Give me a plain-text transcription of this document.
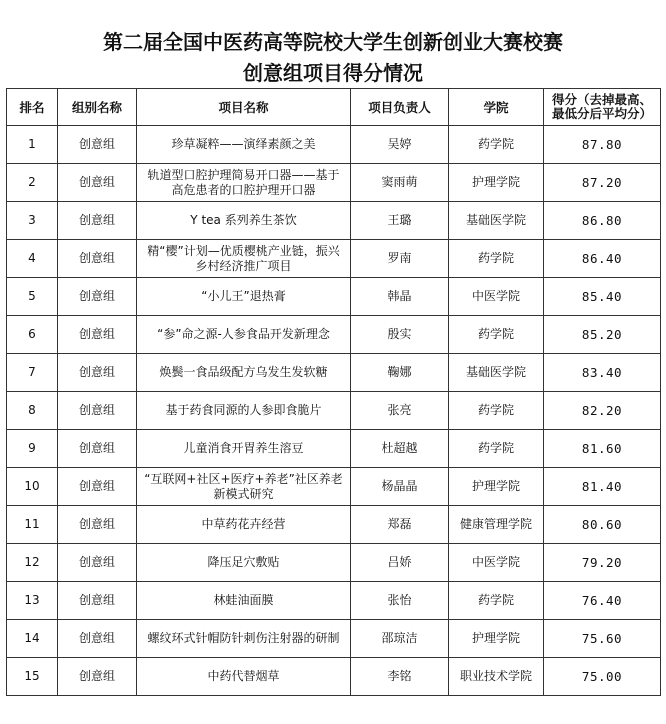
第二届全国中医药高等院校大学生创新创业大赛校赛
创意组项目得分情况
排名	组别名称	项目名称	项目负责人	学院	得分（去掉最高、最低分后平均分）
1	创意组	珍草凝粹——演绎素颜之美	吴婷	药学院	87.80
2	创意组	轨道型口腔护理简易开口器——基于高危患者的口腔护理开口器	窦雨萌	护理学院	87.20
3	创意组	Y tea 系列养生茶饮	王璐	基础医学院	86.80
4	创意组	精“樱”计划—优质樱桃产业链，振兴乡村经济推广项目	罗南	药学院	86.40
5	创意组	“小儿王”退热膏	韩晶	中医学院	85.40
6	创意组	“参”命之源-人参食品开发新理念	殷实	药学院	85.20
7	创意组	焕鬓一食品级配方乌发生发软糖	鞠娜	基础医学院	83.40
8	创意组	基于药食同源的人参即食脆片	张亮	药学院	82.20
9	创意组	儿童消食开胃养生溶豆	杜超越	药学院	81.60
10	创意组	“互联网+社区+医疗+养老”社区养老新模式研究	杨晶晶	护理学院	81.40
11	创意组	中草药花卉经营	郑磊	健康管理学院	80.60
12	创意组	降压足穴敷贴	吕娇	中医学院	79.20
13	创意组	林蛙油面膜	张怡	药学院	76.40
14	创意组	螺纹环式针帽防针刺伤注射器的研制	邵琼洁	护理学院	75.60
15	创意组	中药代替烟草	李铭	职业技术学院	75.00
